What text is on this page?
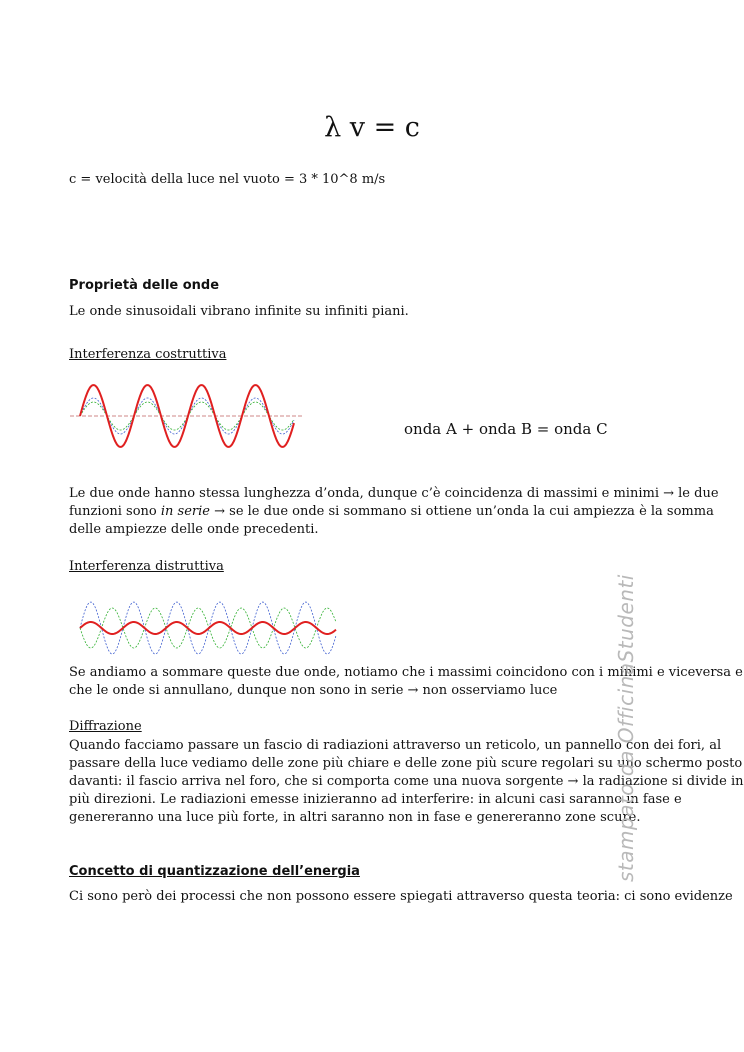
λ v = c
c = velocità della luce nel vuoto = 3 * 10^8 m/s
Proprietà delle onde
Le onde sinusoidali vibrano infinite su infiniti piani.
Interferenza costruttiva
onda A + onda B = onda C
Le due onde hanno stessa lunghezza d’onda, dunque c’è coincidenza di massimi e minimi → le due
funzioni sono in serie → se le due onde si sommano si ottiene un’onda la cui ampiezza è la somma
delle ampiezze delle onde precedenti.
Interferenza distruttiva
Se andiamo a sommare queste due onde, notiamo che i massimi coincidono con i minimi e viceversa e
che le onde si annullano, dunque non sono in serie → non osserviamo luce
Diffrazione
Quando facciamo passare un fascio di radiazioni attraverso un reticolo, un pannello con dei fori, al
passare della luce vediamo delle zone più chiare e delle zone più scure regolari su uno schermo posto
davanti: il fascio arriva nel foro, che si comporta come una nuova sorgente → la radiazione si divide in
più direzioni. Le radiazioni emesse inizieranno ad interferire: in alcuni casi saranno in fase e
genereranno una luce più forte, in altri saranno non in fase e genereranno zone scure.
Concetto di quantizzazione dell’energia
Ci sono però dei processi che non possono essere spiegati attraverso questa teoria: ci sono evidenze
stampato da OfficinaStudenti
